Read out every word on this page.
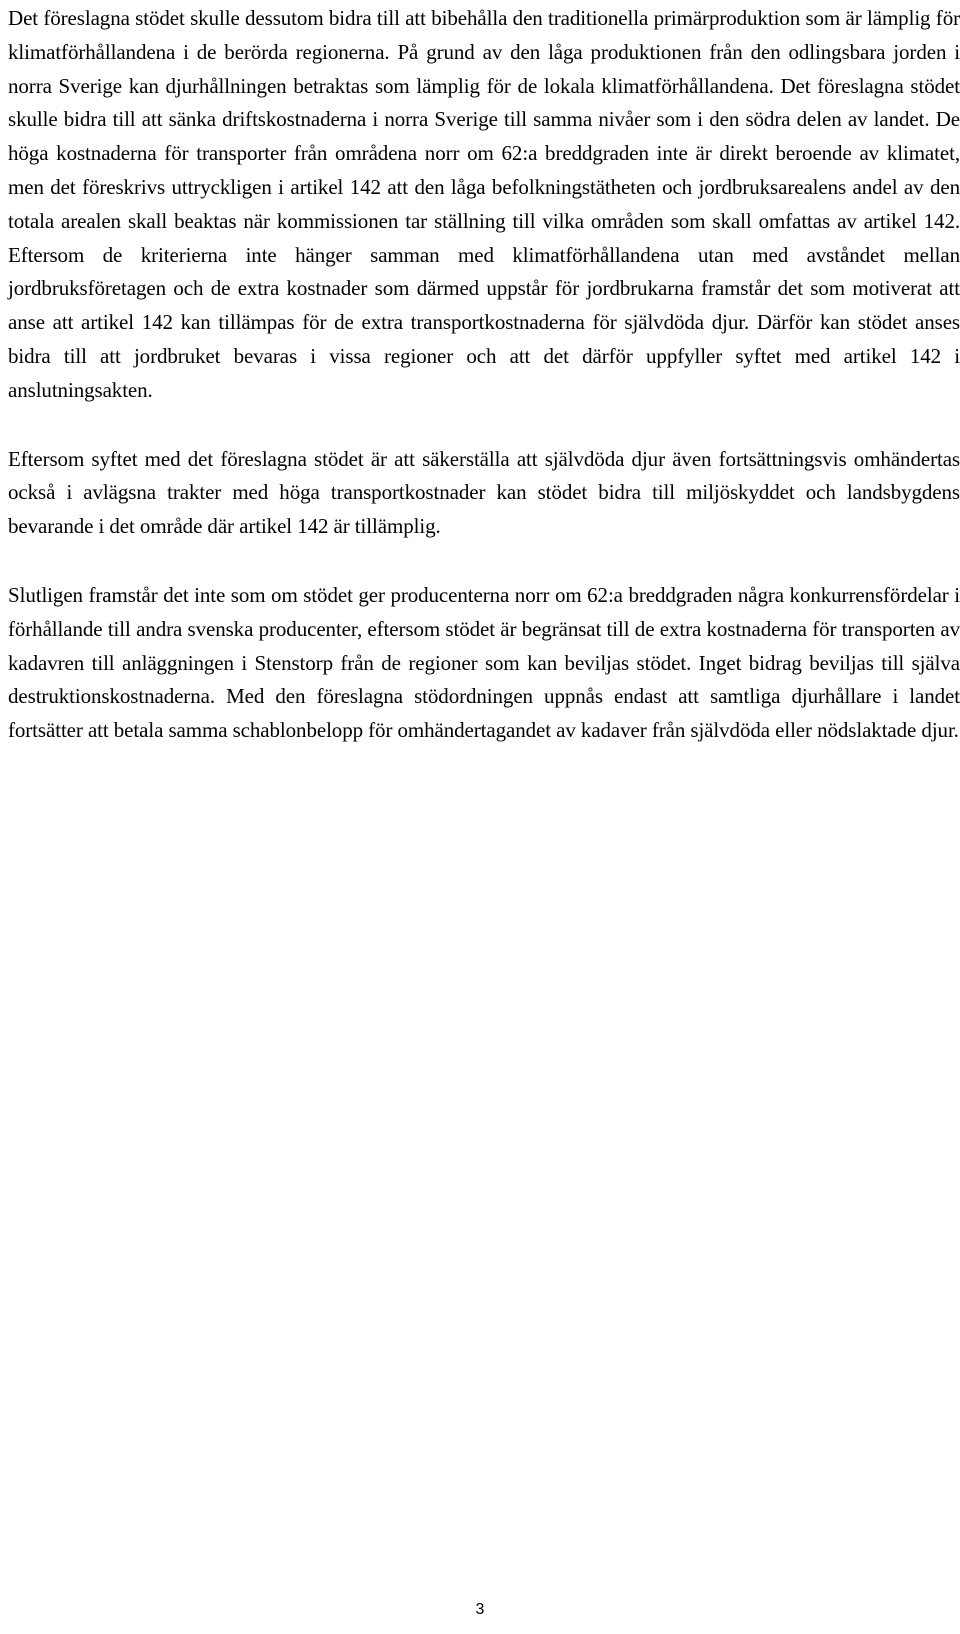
Det föreslagna stödet skulle dessutom bidra till att bibehålla den traditionella primärproduktion som är lämplig för klimatförhållandena i de berörda regionerna. På grund av den låga produktionen från den odlingsbara jorden i norra Sverige kan djurhållningen betraktas som lämplig för de lokala klimatförhållandena. Det föreslagna stödet skulle bidra till att sänka driftskostnaderna i norra Sverige till samma nivåer som i den södra delen av landet. De höga kostnaderna för transporter från områdena norr om 62:a breddgraden inte är direkt beroende av klimatet, men det föreskrivs uttryckligen i artikel 142 att den låga befolkningstätheten och jordbruksarealens andel av den totala arealen skall beaktas när kommissionen tar ställning till vilka områden som skall omfattas av artikel 142. Eftersom de kriterierna inte hänger samman med klimatförhållandena utan med avståndet mellan jordbruksföretagen och de extra kostnader som därmed uppstår för jordbrukarna framstår det som motiverat att anse att artikel 142 kan tillämpas för de extra transportkostnaderna för självdöda djur. Därför kan stödet anses bidra till att jordbruket bevaras i vissa regioner och att det därför uppfyller syftet med artikel 142 i anslutningsakten.

Eftersom syftet med det föreslagna stödet är att säkerställa att självdöda djur även fortsättningsvis omhändertas också i avlägsna trakter med höga transportkostnader kan stödet bidra till miljöskyddet och landsbygdens bevarande i det område där artikel 142 är tillämplig.

Slutligen framstår det inte som om stödet ger producenterna norr om 62:a breddgraden några konkurrensfördelar i förhållande till andra svenska producenter, eftersom stödet är begränsat till de extra kostnaderna för transporten av kadavren till anläggningen i Stenstorp från de regioner som kan beviljas stödet. Inget bidrag beviljas till själva destruktionskostnaderna. Med den föreslagna stödordningen uppnås endast att samtliga djurhållare i landet fortsätter att betala samma schablonbelopp för omhändertagandet av kadaver från självdöda eller nödslaktade djur.

3
